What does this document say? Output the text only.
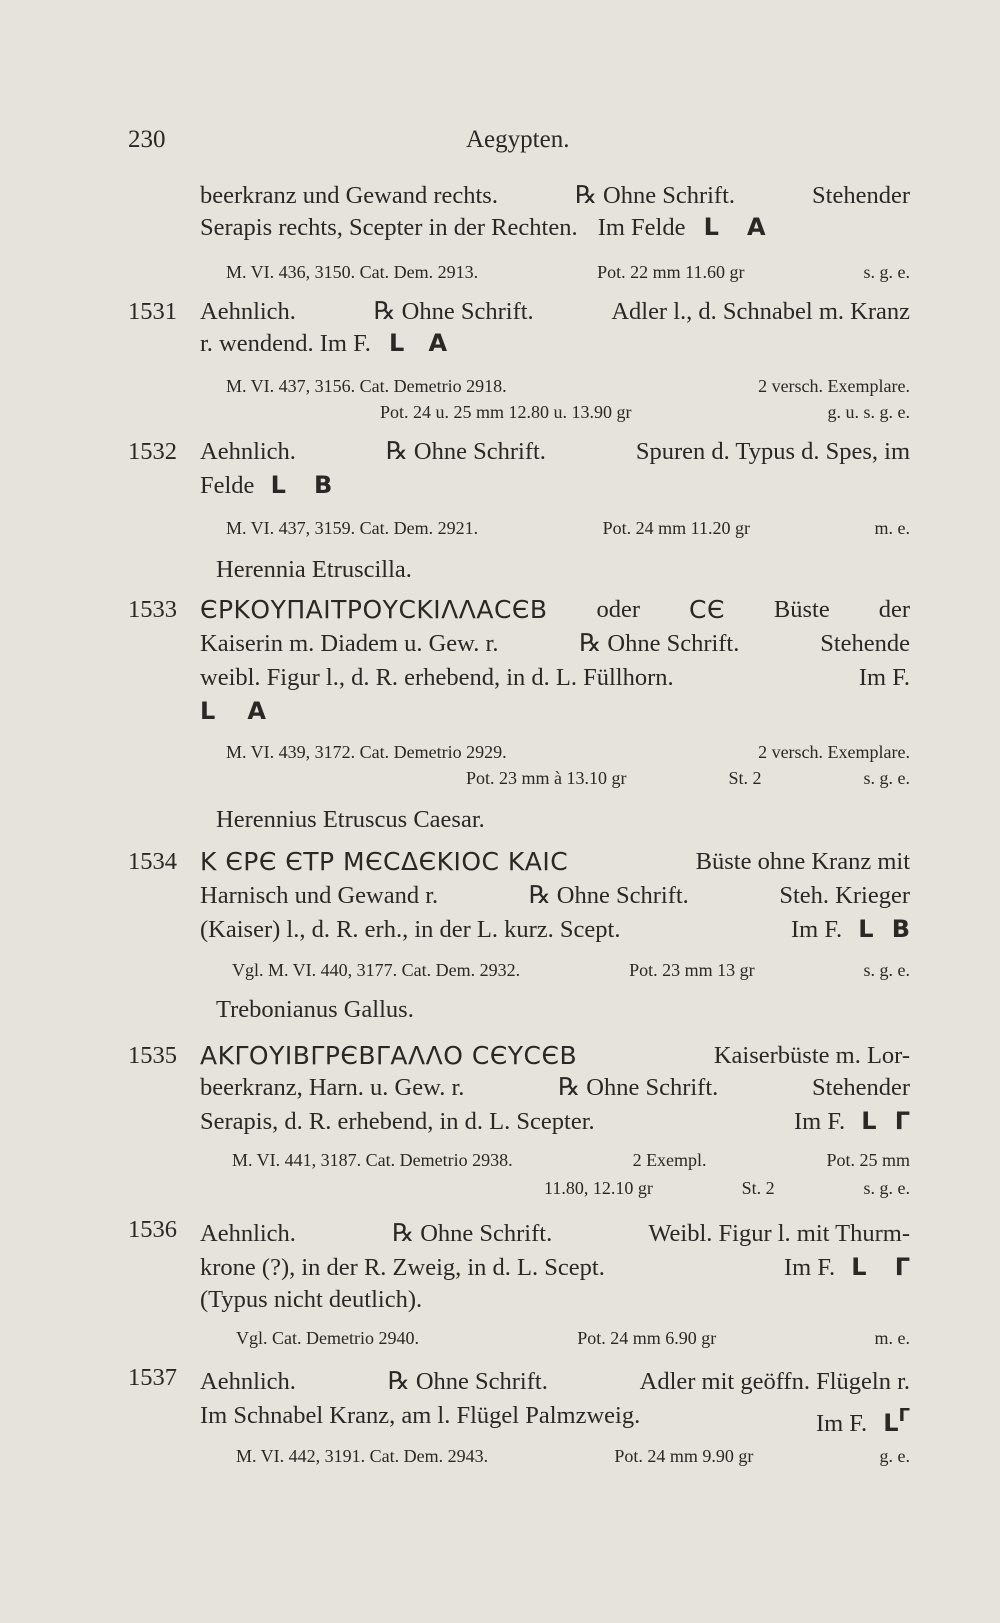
230	Aegypten.
beerkranz und Gewand rechts.	℞ Ohne Schrift.	Stehender
Serapis rechts, Scepter in der Rechten. Im Felde L A
M. VI. 436, 3150. Cat. Dem. 2913.	Pot. 22 mm 11.60 gr	s. g. e.
1531 Aehnlich.	℞ Ohne Schrift.	Adler l., d. Schnabel m. Kranz
r. wendend. Im F. L A
M. VI. 437, 3156. Cat. Demetrio 2918.	2 versch. Exemplare.
Pot. 24 u. 25 mm 12.80 u. 13.90 gr	g. u. s. g. e.
1532 Aehnlich.	℞ Ohne Schrift.	Spuren d. Typus d. Spes, im
Felde L B
M. VI. 437, 3159. Cat. Dem. 2921.	Pot. 24 mm 11.20 gr	m. e.
Herennia Etruscilla.
1533 ЄΡΚΟΥΠΑΙΤΡΟΥCΚΙΛΛΑCЄΒ oder CЄ Büste der
Kaiserin m. Diadem u. Gew. r.	℞ Ohne Schrift.	Stehende
weibl. Figur l., d. R. erhebend, in d. L. Füllhorn.	Im F.
L A
M. VI. 439, 3172. Cat. Demetrio 2929.	2 versch. Exemplare.
Pot. 23 mm à 13.10 gr	St. 2	s. g. e.
Herennius Etruscus Caesar.
1534 Κ ЄΡЄ ЄΤΡ ΜЄCΔЄΚΙΟC ΚΑΙC	Büste ohne Kranz mit
Harnisch und Gewand r.	℞ Ohne Schrift.	Steh. Krieger
(Kaiser) l., d. R. erh., in der L. kurz. Scept.	Im F. L B
Vgl. M. VI. 440, 3177. Cat. Dem. 2932.	Pot. 23 mm 13 gr	s. g. e.
Trebonianus Gallus.
1535 ΑΚΓΟΥΙΒΓΡЄΒΓΑΛΛΟ CЄΥCЄΒ	Kaiserbüste m. Lor-
beerkranz, Harn. u. Gew. r.	℞ Ohne Schrift.	Stehender
Serapis, d. R. erhebend, in d. L. Scepter.	Im F. L Γ
M. VI. 441, 3187. Cat. Demetrio 2938.	2 Exempl.	Pot. 25 mm
11.80, 12.10 gr	St. 2	s. g. e.
1536 Aehnlich.	℞ Ohne Schrift.	Weibl. Figur l. mit Thurm-
krone (?), in der R. Zweig, in d. L. Scept.	Im F. L Γ
(Typus nicht deutlich).
Vgl. Cat. Demetrio 2940.	Pot. 24 mm 6.90 gr	m. e.
1537 Aehnlich.	℞ Ohne Schrift.	Adler mit geöffn. Flügeln r.
Im Schnabel Kranz, am l. Flügel Palmzweig.	Im F. $L^\Gamma$
M. VI. 442, 3191. Cat. Dem. 2943.	Pot. 24 mm 9.90 gr	g. e.
